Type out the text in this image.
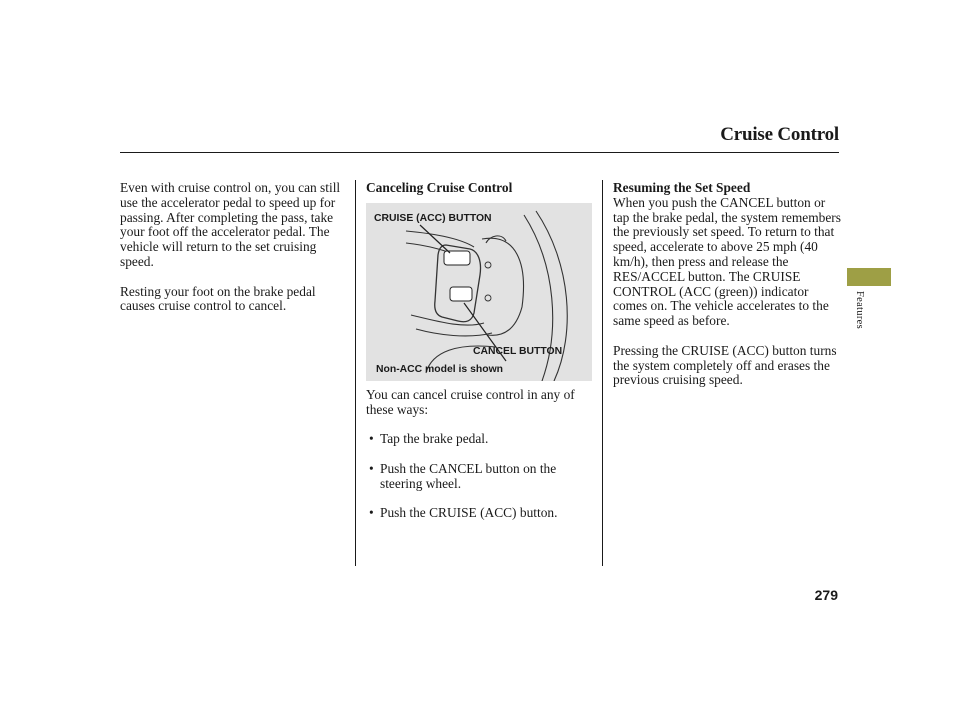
Cruise Control

Even with cruise control on, you can still use the accelerator pedal to speed up for passing. After completing the pass, take your foot off the accelerator pedal. The vehicle will return to the set cruising speed.

Resting your foot on the brake pedal causes cruise control to cancel.

Canceling Cruise Control
CRUISE (ACC) BUTTON
CANCEL BUTTON
Non-ACC model is shown

You can cancel cruise control in any of these ways:

• Tap the brake pedal.
• Push the CANCEL button on the steering wheel.
• Push the CRUISE (ACC) button.
Resuming the Set Speed

When you push the CANCEL button or tap the brake pedal, the system remembers the previously set speed. To return to that speed, accelerate to above 25 mph (40 km/h), then press and release the RES/ACCEL button. The CRUISE CONTROL (ACC (green)) indicator comes on. The vehicle accelerates to the same speed as before.

Pressing the CRUISE (ACC) button turns the system completely off and erases the previous cruising speed.

Features
279
